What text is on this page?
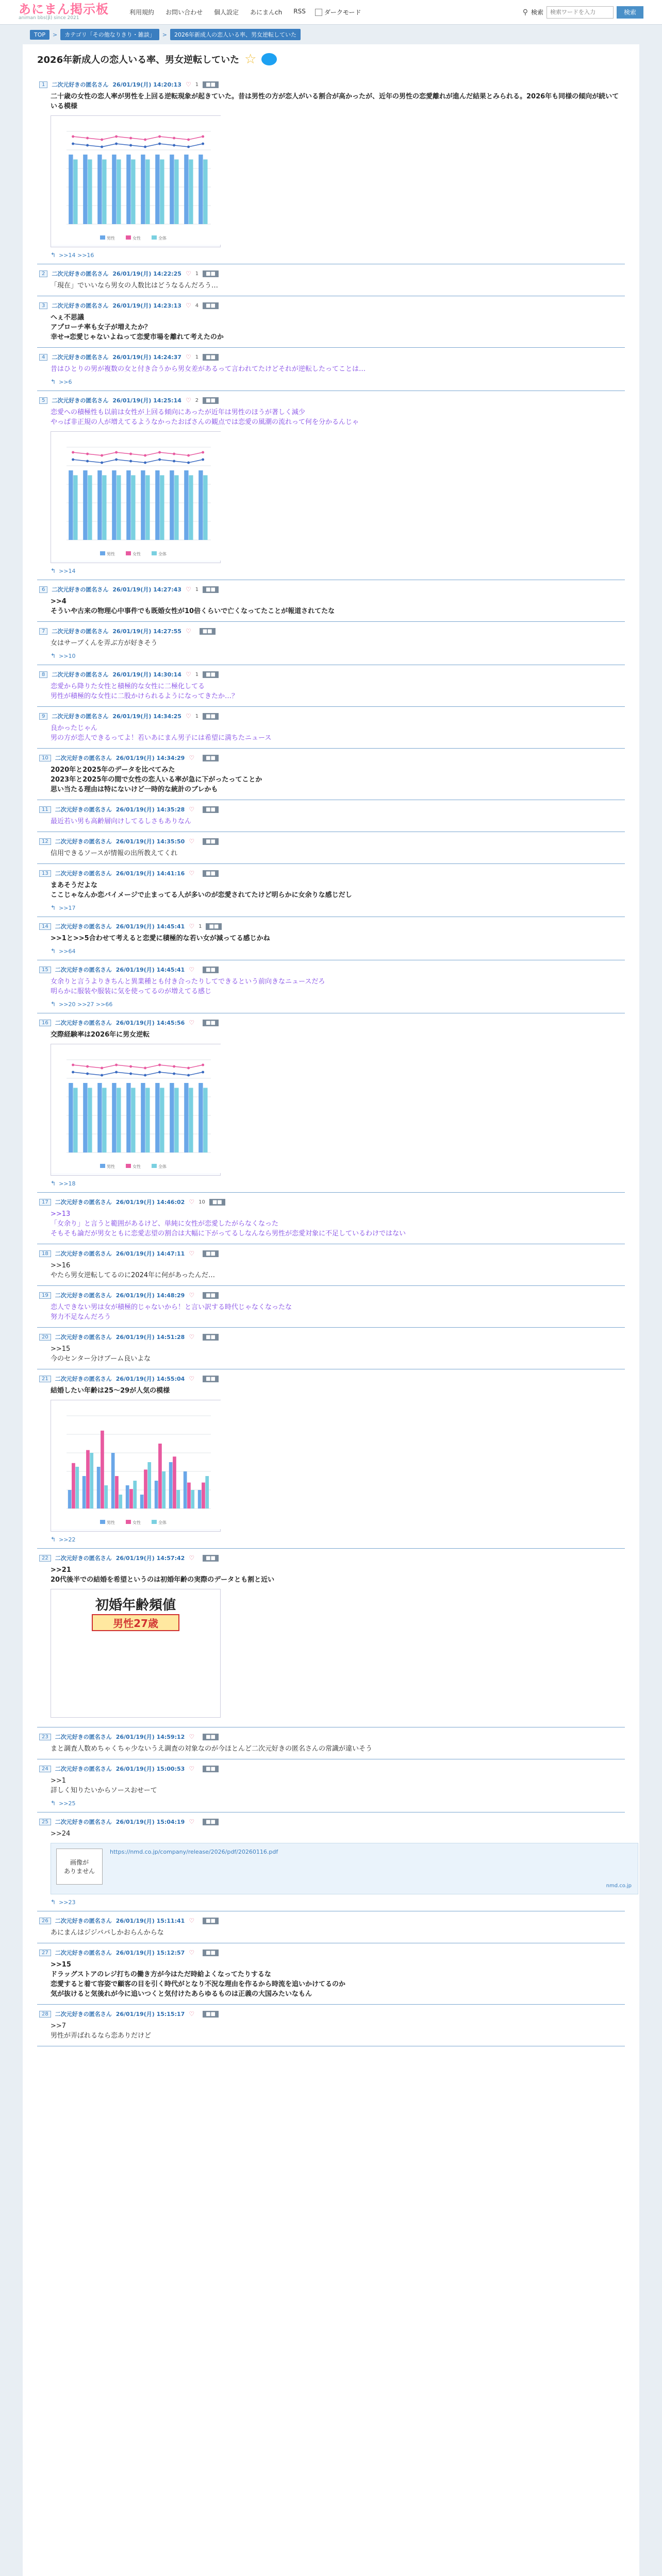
あにまん掲示板
animan bbs(β) since 2021
利用規約 お問い合わせ 個人設定 あにまんch RSS	ダークモード	⚲ 検索
検索ワードを入力	検索
TOP	>	カテゴリ「その他なりきり・雑談」	>	2026年新成人の恋人いる率、男女逆転していた
2026年新成人の恋人いる率、男女逆転していた ☆
1	二次元好きの匿名さん 26/01/19(月) 14:20:13 ♡ 1	■■
二十歳の女性の恋人率が男性を上回る逆転現象が起きていた。昔は男性の方が恋人がいる割合が高かったが、近年の男性の恋愛離れが進んだ結果とみられる。2026年も同様の傾向が続いている模様
男性	女性	全体
↰ >>14 >>16
2	二次元好きの匿名さん 26/01/19(月) 14:22:25 ♡ 1	■■
「現在」でいいなら男女の人数比はどうなるんだろう…
3	二次元好きの匿名さん 26/01/19(月) 14:23:13 ♡ 4	■■
へぇ不思議
アプローチ率も女子が増えたか？
幸せ→恋愛じゃないよねって恋愛市場を離れて考えたのか
4	二次元好きの匿名さん 26/01/19(月) 14:24:37 ♡ 1	■■
昔はひとりの男が複数の女と付き合うから男女差があるって言われてたけどそれが逆転したってことは…
↰ >>6
5	二次元好きの匿名さん 26/01/19(月) 14:25:14 ♡ 2	■■
恋愛への積極性も以前は女性が上回る傾向にあったが近年は男性のほうが著しく減少
やっぱ非正規の人が増えてるようなかったおばさんの観点では恋愛の風潮の流れって何を分かるんじゃ
男性	女性	全体
↰ >>14
6	二次元好きの匿名さん 26/01/19(月) 14:27:43 ♡ 1	■■
>>4
そういや古来の物理心中事件でも既婚女性が10倍くらいで亡くなってたことが報道されてたな
7	二次元好きの匿名さん 26/01/19(月) 14:27:55 ♡	■■
女はサーブくんを弄ぶ方が好きそう
↰ >>10
8	二次元好きの匿名さん 26/01/19(月) 14:30:14 ♡ 1	■■
恋愛から降りた女性と積極的な女性に二極化してる
男性が積極的な女性に二股かけられるようになってきたか…？
9	二次元好きの匿名さん 26/01/19(月) 14:34:25 ♡ 1	■■
良かったじゃん
男の方が恋人できるってよ！若いあにまん男子には希望に満ちたニュース
10	二次元好きの匿名さん 26/01/19(月) 14:34:29 ♡	■■
2020年と2025年のデータを比べてみた
2023年と2025年の間で女性の恋人いる率が急に下がったってことか
思い当たる理由は特にないけど一時的な統計のブレかも
11	二次元好きの匿名さん 26/01/19(月) 14:35:28 ♡	■■
最近若い男も高齢層向けしてるしさもありなん
12	二次元好きの匿名さん 26/01/19(月) 14:35:50 ♡	■■
信用できるソースが情報の出所教えてくれ
13	二次元好きの匿名さん 26/01/19(月) 14:41:16 ♡	■■
まあそうだよな
ここじゃなんか恋バイメージで止まってる人が多いのが恋愛されてたけど明らかに女余りな感じだし
↰ >>17
14	二次元好きの匿名さん 26/01/19(月) 14:45:41 ♡ 1	■■
>>1と>>5合わせて考えると恋愛に積極的な若い女が減ってる感じかね
↰ >>64
15	二次元好きの匿名さん 26/01/19(月) 14:45:41 ♡	■■
女余りと言うよりきちんと異業種とも付き合ったりしてできるという前向きなニュースだろ
明らかに服装や服装に気を使ってるのが増えてる感じ
↰ >>20 >>27 >>66
16	二次元好きの匿名さん 26/01/19(月) 14:45:56 ♡	■■
交際経験率は2026年に男女逆転
男性	女性	全体
↰ >>18
17	二次元好きの匿名さん 26/01/19(月) 14:46:02 ♡ 10	■■
>>13
「女余り」と言うと範囲があるけど、単純に女性が恋愛したがらなくなった
そもそも論だが男女ともに恋愛志望の割合は大幅に下がってるしなんなら男性が恋愛対象に不足しているわけではない
18	二次元好きの匿名さん 26/01/19(月) 14:47:11 ♡	■■
>>16
やたら男女逆転してるのに2024年に何があったんだ…
19	二次元好きの匿名さん 26/01/19(月) 14:48:29 ♡	■■
恋人できない男は女が積極的じゃないから！と言い訳する時代じゃなくなったな
努力不足なんだろう
20	二次元好きの匿名さん 26/01/19(月) 14:51:28 ♡	■■
>>15
今のセンター分けブーム良いよな
21	二次元好きの匿名さん 26/01/19(月) 14:55:04 ♡	■■
結婚したい年齢は25〜29が人気の模様
男性	女性	全体
↰ >>22
22	二次元好きの匿名さん 26/01/19(月) 14:57:42 ♡	■■
>>21
20代後半での結婚を希望というのは初婚年齢の実際のデータとも割と近い
初婚年齢頻値
男性27歳
23	二次元好きの匿名さん 26/01/19(月) 14:59:12 ♡	■■
まと調査人数めちゃくちゃ少ないうえ調査の対象なのが今ほとんど二次元好きの匿名さんの常識が違いそう
24	二次元好きの匿名さん 26/01/19(月) 15:00:53 ♡	■■
>>1
詳しく知りたいからソースおせーて
↰ >>25
25	二次元好きの匿名さん 26/01/19(月) 15:04:19 ♡	■■
>>24
画像が
ありません
https://nmd.co.jp/company/release/2026/pdf/20260116.pdf
nmd.co.jp
↰ >>23
26	二次元好きの匿名さん 26/01/19(月) 15:11:41 ♡	■■
あにまんはジジババしかおらんからな
27	二次元好きの匿名さん 26/01/19(月) 15:12:57 ♡	■■
>>15
ドラッグストアのレジ打ちの働き方が今はただ時給よくなってたりするな
恋愛すると着て容姿で顧客の目を引く時代がとなり不況な理由を作るから時流を追いかけてるのか
気が抜けると気後れが今に追いつくと気付けたあらゆるものは正義の大国みたいなもん
28	二次元好きの匿名さん 26/01/19(月) 15:15:17 ♡	■■
>>7
男性が弄ばれるなら恋ありだけど
